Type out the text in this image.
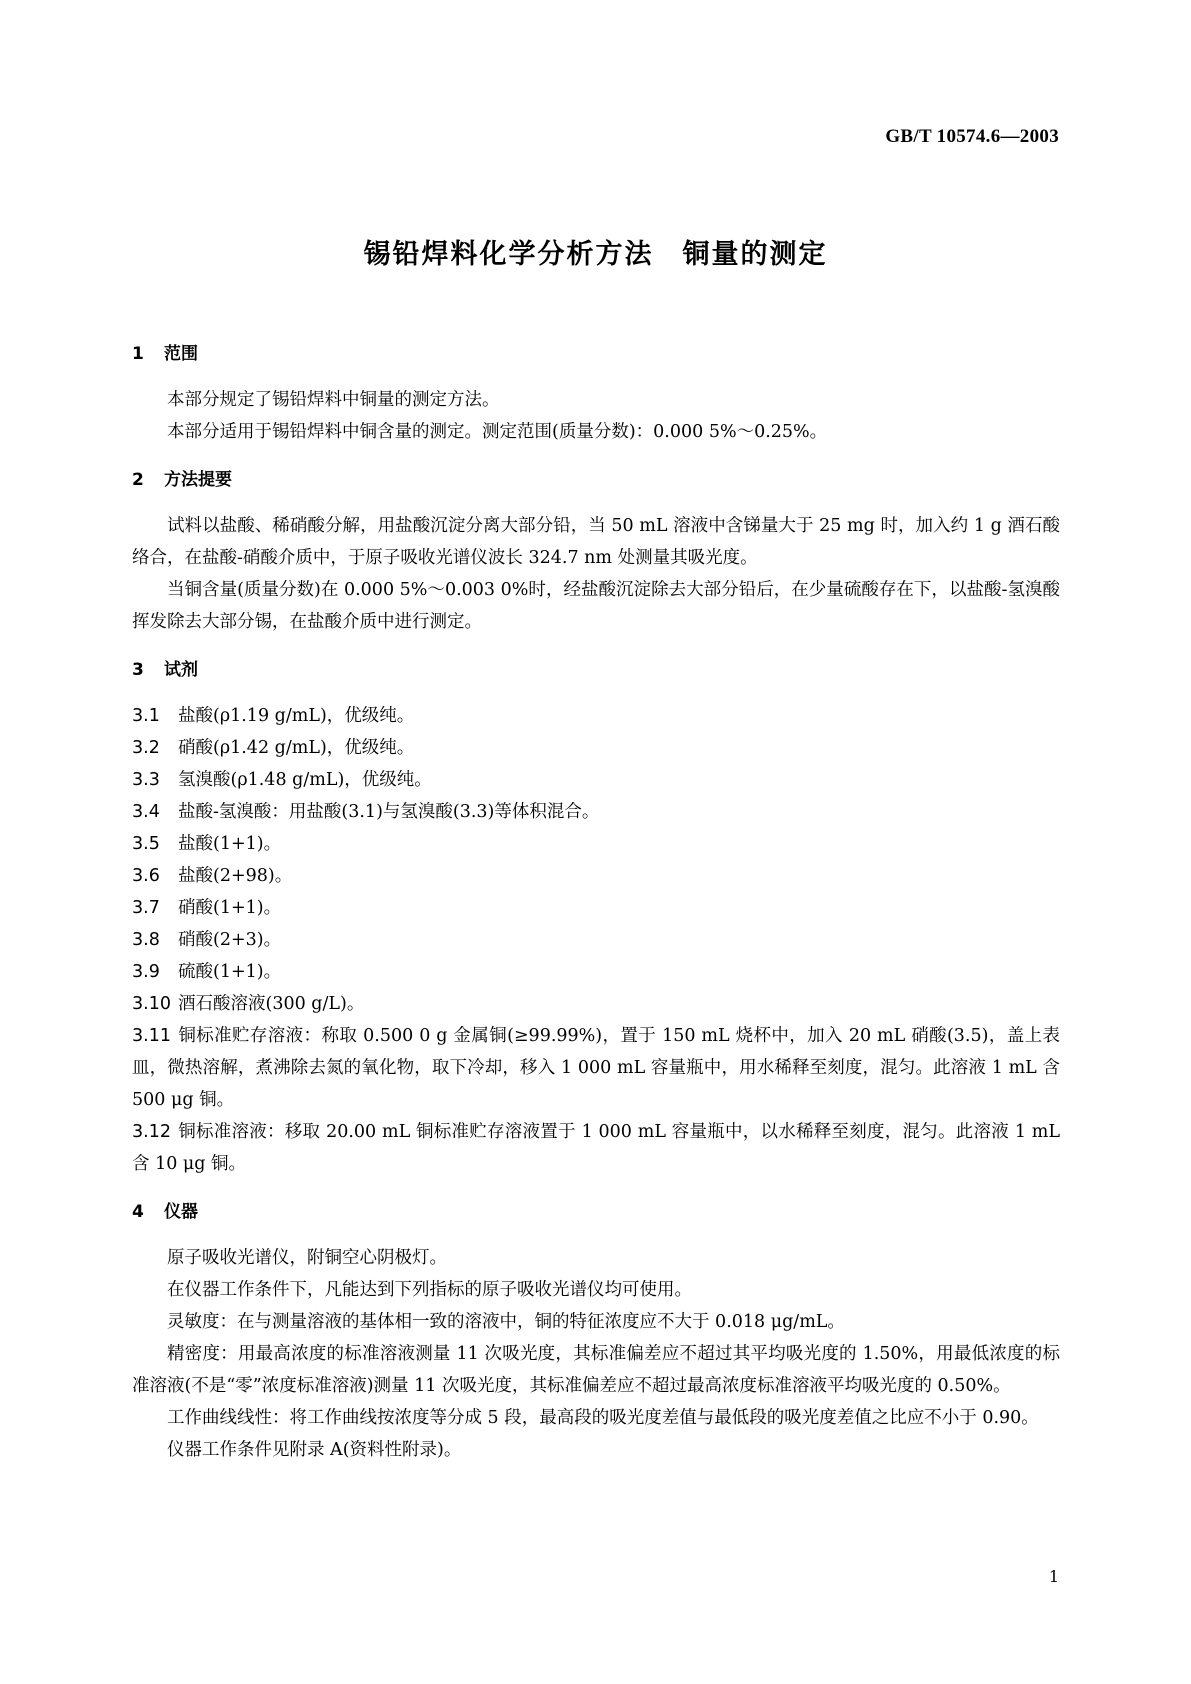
GB/T 10574.6—2003
锡铅焊料化学分析方法　铜量的测定
1 范围

本部分规定了锡铅焊料中铜量的测定方法。

本部分适用于锡铅焊料中铜含量的测定。测定范围(质量分数)：0.000 5%～0.25%。

2 方法提要

试料以盐酸、稀硝酸分解，用盐酸沉淀分离大部分铅，当 50 mL 溶液中含锑量大于 25 mg 时，加入约 1 g 酒石酸络合，在盐酸-硝酸介质中，于原子吸收光谱仪波长 324.7 nm 处测量其吸光度。

当铜含量(质量分数)在 0.000 5%～0.003 0%时，经盐酸沉淀除去大部分铅后，在少量硫酸存在下，以盐酸-氢溴酸挥发除去大部分锡，在盐酸介质中进行测定。

3 试剂
3.1 盐酸(ρ1.19 g/mL)，优级纯。
3.2 硝酸(ρ1.42 g/mL)，优级纯。
3.3 氢溴酸(ρ1.48 g/mL)，优级纯。
3.4 盐酸-氢溴酸：用盐酸(3.1)与氢溴酸(3.3)等体积混合。
3.5 盐酸(1+1)。
3.6 盐酸(2+98)。
3.7 硝酸(1+1)。
3.8 硝酸(2+3)。
3.9 硫酸(1+1)。
3.10 酒石酸溶液(300 g/L)。
3.11 铜标准贮存溶液：称取 0.500 0 g 金属铜(≥99.99%)，置于 150 mL 烧杯中，加入 20 mL 硝酸(3.5)，盖上表皿，微热溶解，煮沸除去氮的氧化物，取下冷却，移入 1 000 mL 容量瓶中，用水稀释至刻度，混匀。此溶液 1 mL 含 500 μg 铜。
3.12 铜标准溶液：移取 20.00 mL 铜标准贮存溶液置于 1 000 mL 容量瓶中，以水稀释至刻度，混匀。此溶液 1 mL 含 10 μg 铜。
4 仪器

原子吸收光谱仪，附铜空心阴极灯。

在仪器工作条件下，凡能达到下列指标的原子吸收光谱仪均可使用。

灵敏度：在与测量溶液的基体相一致的溶液中，铜的特征浓度应不大于 0.018 μg/mL。

精密度：用最高浓度的标准溶液测量 11 次吸光度，其标准偏差应不超过其平均吸光度的 1.50%，用最低浓度的标准溶液(不是“零”浓度标准溶液)测量 11 次吸光度，其标准偏差应不超过最高浓度标准溶液平均吸光度的 0.50%。

工作曲线线性：将工作曲线按浓度等分成 5 段，最高段的吸光度差值与最低段的吸光度差值之比应不小于 0.90。

仪器工作条件见附录 A(资料性附录)。

1
